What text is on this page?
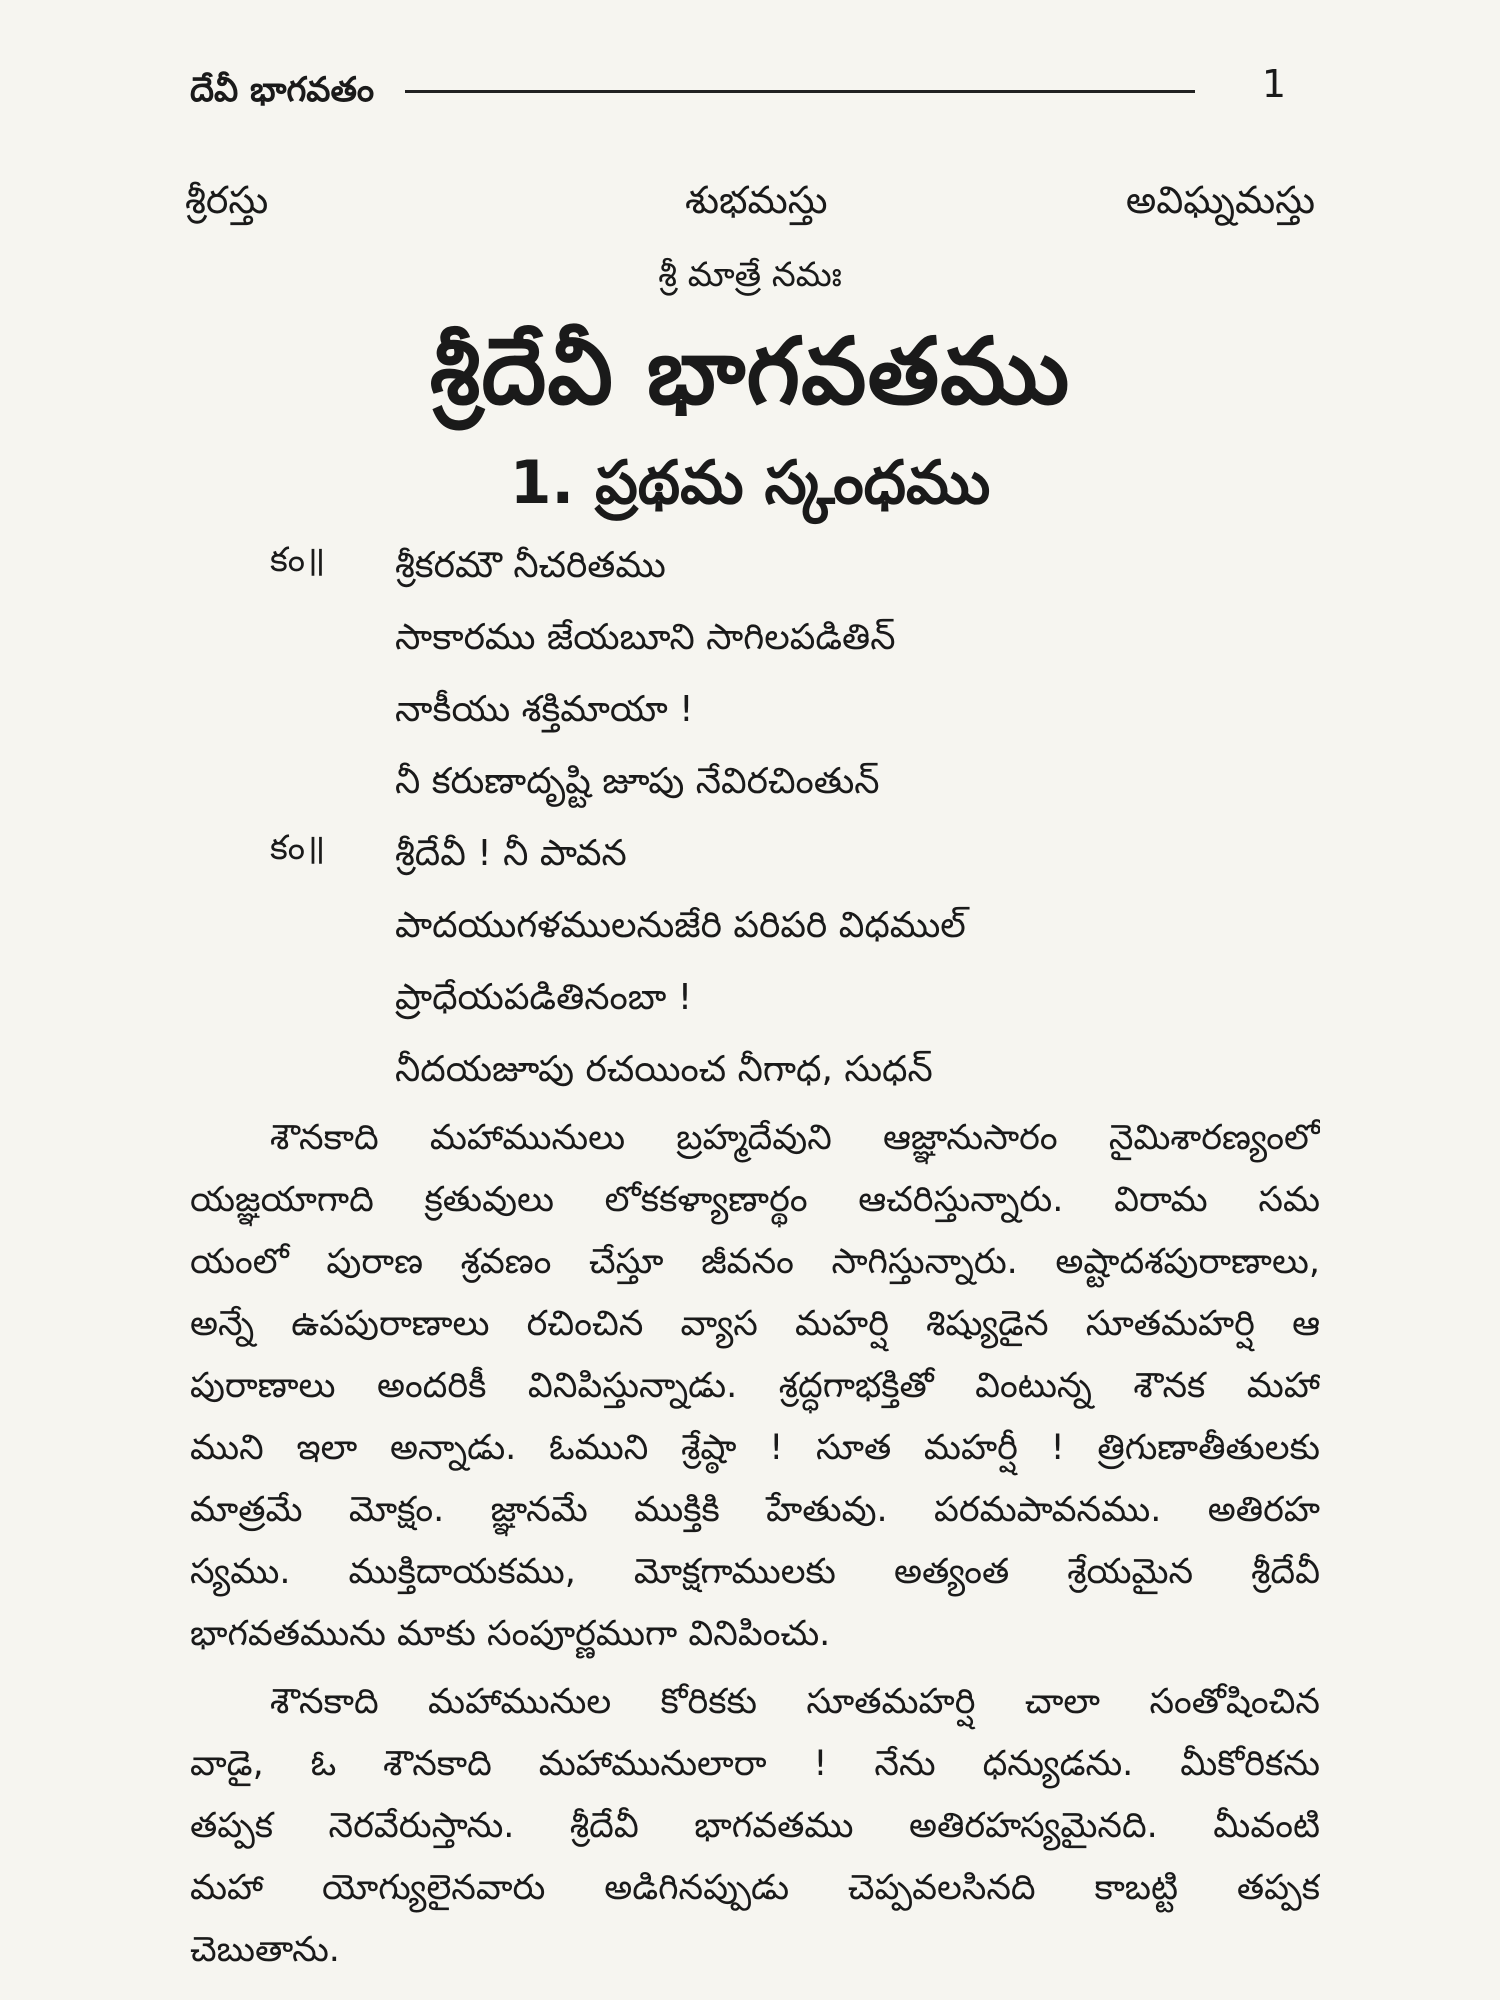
దేవీ భాగవతం	1
శ్రీరస్తు	శుభమస్తు	అవిఘ్నమస్తు
శ్రీ మాత్రే నమః
శ్రీదేవీ భాగవతము
1. ప్రథమ స్కంధము
కం॥ శ్రీకరమౌ నీచరితము
సాకారము జేయబూని సాగిలపడితిన్
నాకీయు శక్తిమాయా !
నీ కరుణాదృష్టి జూపు నేవిరచింతున్
కం॥ శ్రీదేవీ ! నీ పావన
పాదయుగళములనుజేరి పరిపరి విధముల్
ప్రాధేయపడితినంబా !
నీదయజూపు రచయించ నీగాధ, సుధన్
శౌనకాది మహామునులు బ్రహ్మదేవుని ఆజ్ఞానుసారం నైమిశారణ్యంలో
యజ్ఞయాగాది క్రతువులు లోకకళ్యాణార్థం ఆచరిస్తున్నారు. విరామ సమ
యంలో పురాణ శ్రవణం చేస్తూ జీవనం సాగిస్తున్నారు. అష్టాదశపురాణాలు,
అన్నే ఉపపురాణాలు రచించిన వ్యాస మహర్షి శిష్యుడైన సూతమహర్షి ఆ
పురాణాలు అందరికీ వినిపిస్తున్నాడు. శ్రద్ధగాభక్తితో వింటున్న శౌనక మహా
ముని ఇలా అన్నాడు. ఓముని శ్రేష్ఠా ! సూత మహర్షీ ! త్రిగుణాతీతులకు
మాత్రమే మోక్షం. జ్ఞానమే ముక్తికి హేతువు. పరమపావనము. అతిరహ
స్యము. ముక్తిదాయకము, మోక్షగాములకు అత్యంత శ్రేయమైన శ్రీదేవీ
భాగవతమును మాకు సంపూర్ణముగా వినిపించు.
శౌనకాది మహామునుల కోరికకు సూతమహర్షి చాలా సంతోషించిన
వాడై, ఓ శౌనకాది మహామునులారా ! నేను ధన్యుడను. మీకోరికను
తప్పక నెరవేరుస్తాను. శ్రీదేవీ భాగవతము అతిరహస్యమైనది. మీవంటి
మహా యోగ్యులైనవారు అడిగినప్పుడు చెప్పవలసినది కాబట్టి తప్పక
చెబుతాను.
